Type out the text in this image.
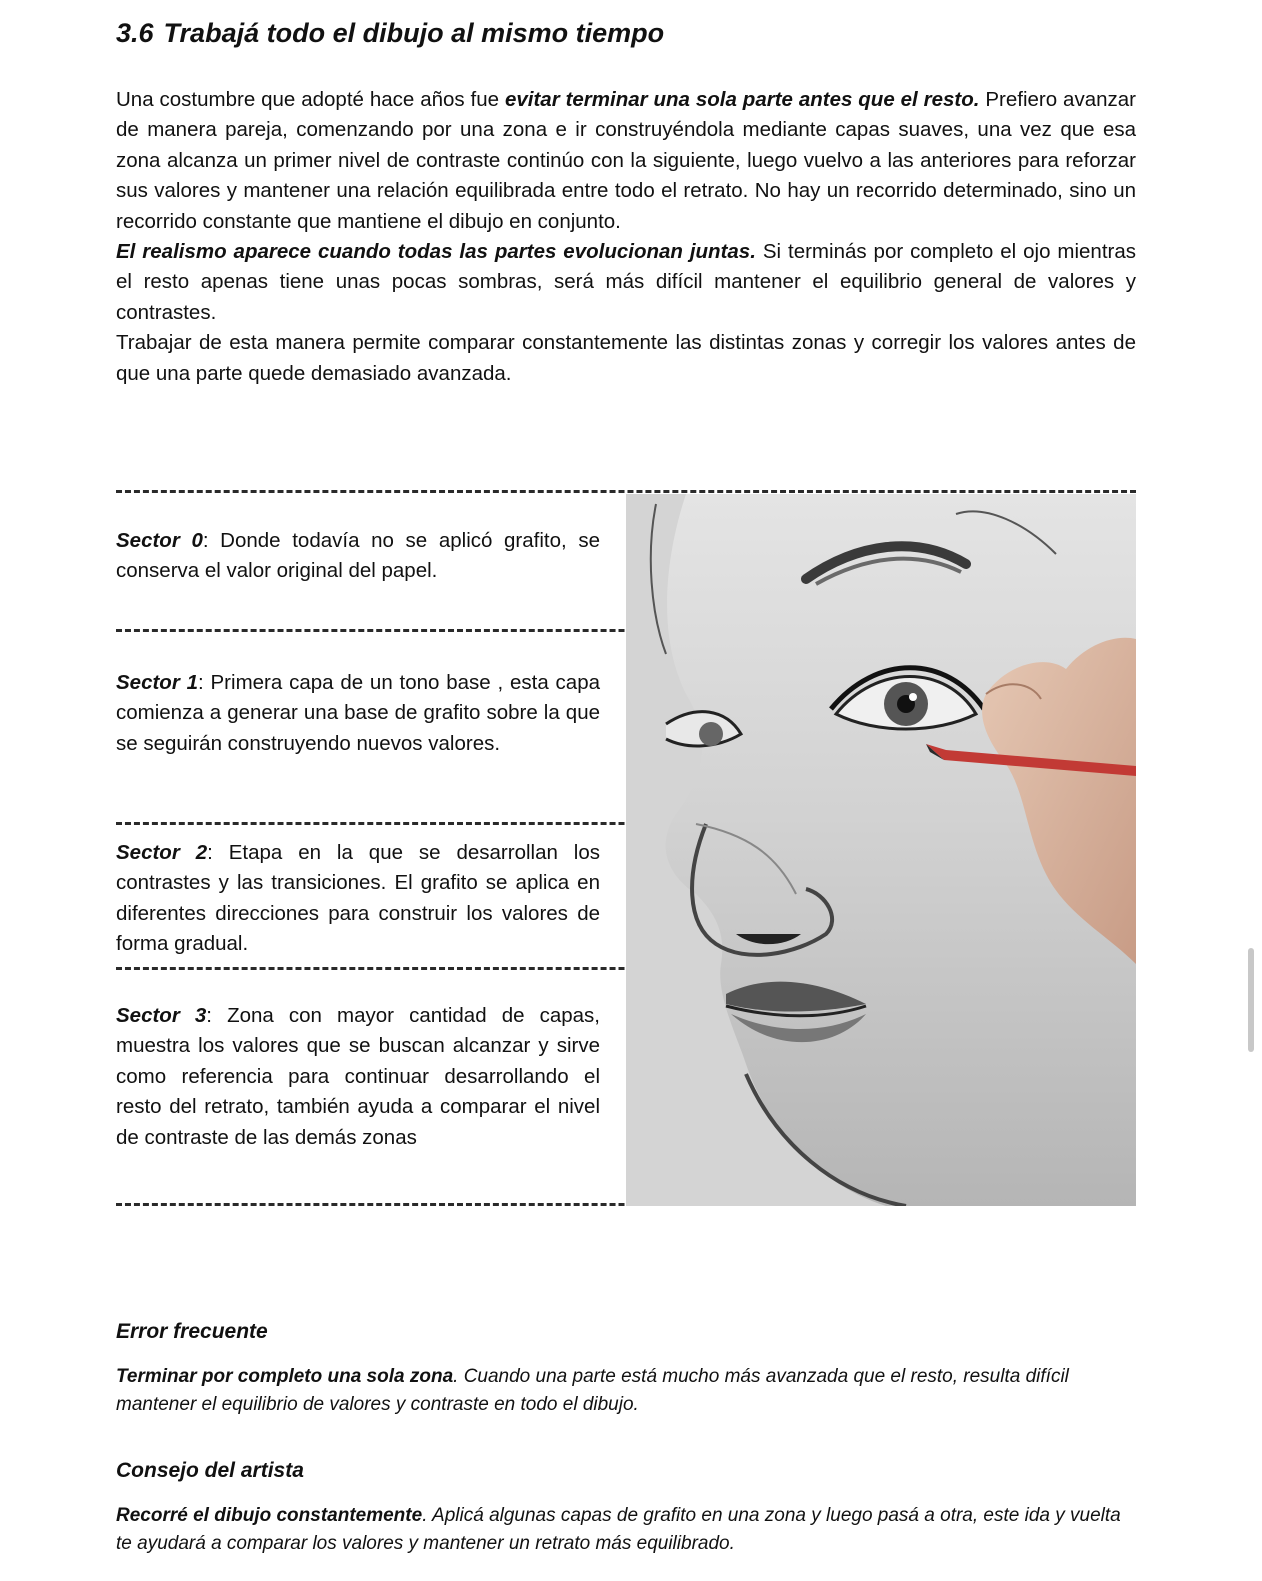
3.6 Trabajá todo el dibujo al mismo tiempo

Una costumbre que adopté hace años fue evitar terminar una sola parte antes que el resto. Prefiero avanzar de manera pareja, comenzando por una zona e ir construyéndola mediante capas suaves, una vez que esa zona alcanza un primer nivel de contraste continúo con la siguiente, luego vuelvo a las anteriores para reforzar sus valores y mantener una relación equilibrada entre todo el retrato. No hay un recorrido determinado, sino un recorrido constante que mantiene el dibujo en conjunto.

El realismo aparece cuando todas las partes evolucionan juntas. Si terminás por completo el ojo mientras el resto apenas tiene unas pocas sombras, será más difícil mantener el equilibrio general de valores y contrastes.

Trabajar de esta manera permite comparar constantemente las distintas zonas y corregir los valores antes de que una parte quede demasiado avanzada.

Sector 0: Donde todavía no se aplicó grafito, se conserva el valor original del papel.

Sector 1: Primera capa de un tono base , esta capa comienza a generar una base de grafito sobre la que se seguirán construyendo nuevos valores.

Sector 2: Etapa en la que se desarrollan los contrastes y las transiciones. El grafito se aplica en diferentes direcciones para construir los valores de forma gradual.

Sector 3: Zona con mayor cantidad de capas, muestra los valores que se buscan alcanzar y sirve como referencia para continuar desarrollando el resto del retrato, también ayuda a comparar el nivel de contraste de las demás zonas

Error frecuente

Terminar por completo una sola zona. Cuando una parte está mucho más avanzada que el resto, resulta difícil mantener el equilibrio de valores y contraste en todo el dibujo.

Consejo del artista

Recorré el dibujo constantemente. Aplicá algunas capas de grafito en una zona y luego pasá a otra, este ida y vuelta te ayudará a comparar los valores y mantener un retrato más equilibrado.
